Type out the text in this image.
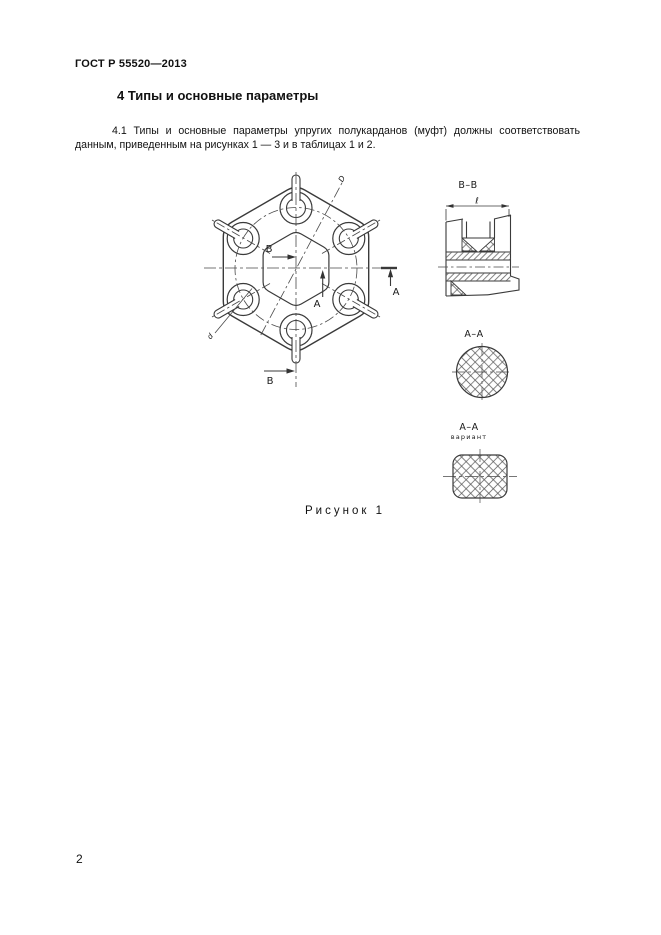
ГОСТ Р 55520—2013
4 Типы и основные параметры
4.1 Типы и основные параметры упругих полукарданов (муфт) должны соответствовать данным, приведенным на рисунках 1 — 3 и в таблицах 1 и 2.
В
В
А
А
D
d
В–В
ℓ
А–А
А–А
вариант
Рисунок 1
2
